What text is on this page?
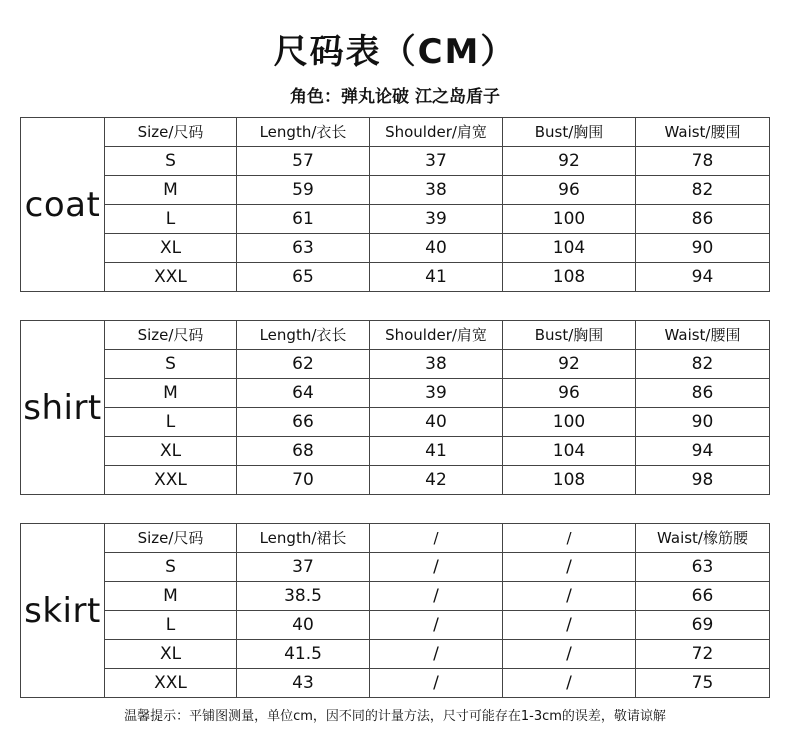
尺码表（CM）
角色：弹丸论破 江之岛盾子
coat	Size/尺码	Length/衣长	Shoulder/肩宽	Bust/胸围	Waist/腰围
	S	57	37	92	78
	M	59	38	96	82
	L	61	39	100	86
	XL	63	40	104	90
	XXL	65	41	108	94
shirt	Size/尺码	Length/衣长	Shoulder/肩宽	Bust/胸围	Waist/腰围
	S	62	38	92	82
	M	64	39	96	86
	L	66	40	100	90
	XL	68	41	104	94
	XXL	70	42	108	98
skirt	Size/尺码	Length/裙长	/	/	Waist/橡筋腰
	S	37	/	/	63
	M	38.5	/	/	66
	L	40	/	/	69
	XL	41.5	/	/	72
	XXL	43	/	/	75
温馨提示：平铺图测量，单位cm，因不同的计量方法，尺寸可能存在1-3cm的误差，敬请谅解
